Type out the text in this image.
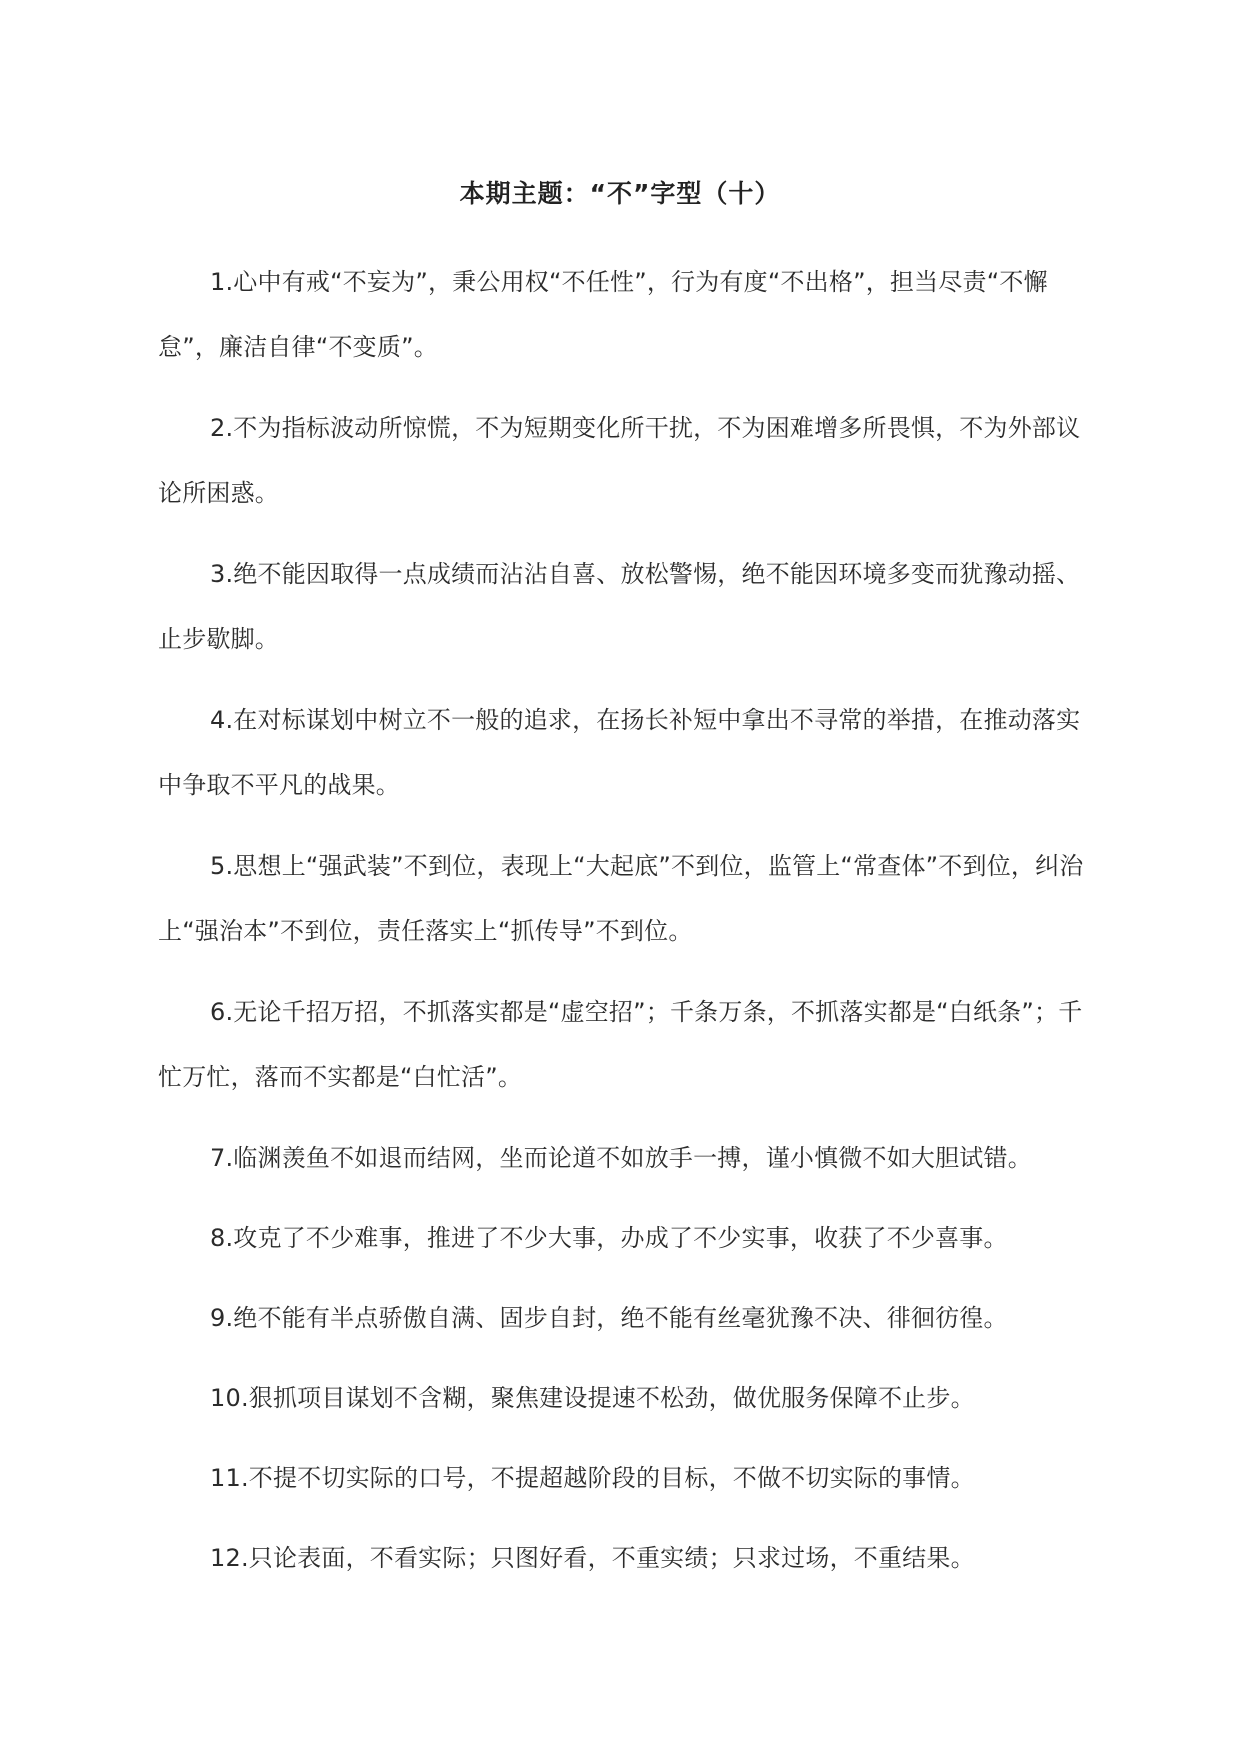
本期主题：“不”字型（十）

1.心中有戒“不妄为”，秉公用权“不任性”，行为有度“不出格”，担当尽责“不懈怠”，廉洁自律“不变质”。

2.不为指标波动所惊慌，不为短期变化所干扰，不为困难增多所畏惧，不为外部议论所困惑。

3.绝不能因取得一点成绩而沾沾自喜、放松警惕，绝不能因环境多变而犹豫动摇、止步歇脚。

4.在对标谋划中树立不一般的追求，在扬长补短中拿出不寻常的举措，在推动落实中争取不平凡的战果。

5.思想上“强武装”不到位，表现上“大起底”不到位，监管上“常查体”不到位，纠治上“强治本”不到位，责任落实上“抓传导”不到位。

6.无论千招万招，不抓落实都是“虚空招”；千条万条，不抓落实都是“白纸条”；千忙万忙，落而不实都是“白忙活”。

7.临渊羡鱼不如退而结网，坐而论道不如放手一搏，谨小慎微不如大胆试错。

8.攻克了不少难事，推进了不少大事，办成了不少实事，收获了不少喜事。

9.绝不能有半点骄傲自满、固步自封，绝不能有丝毫犹豫不决、徘徊彷徨。

10.狠抓项目谋划不含糊，聚焦建设提速不松劲，做优服务保障不止步。

11.不提不切实际的口号，不提超越阶段的目标，不做不切实际的事情。

12.只论表面，不看实际；只图好看，不重实绩；只求过场，不重结果。
